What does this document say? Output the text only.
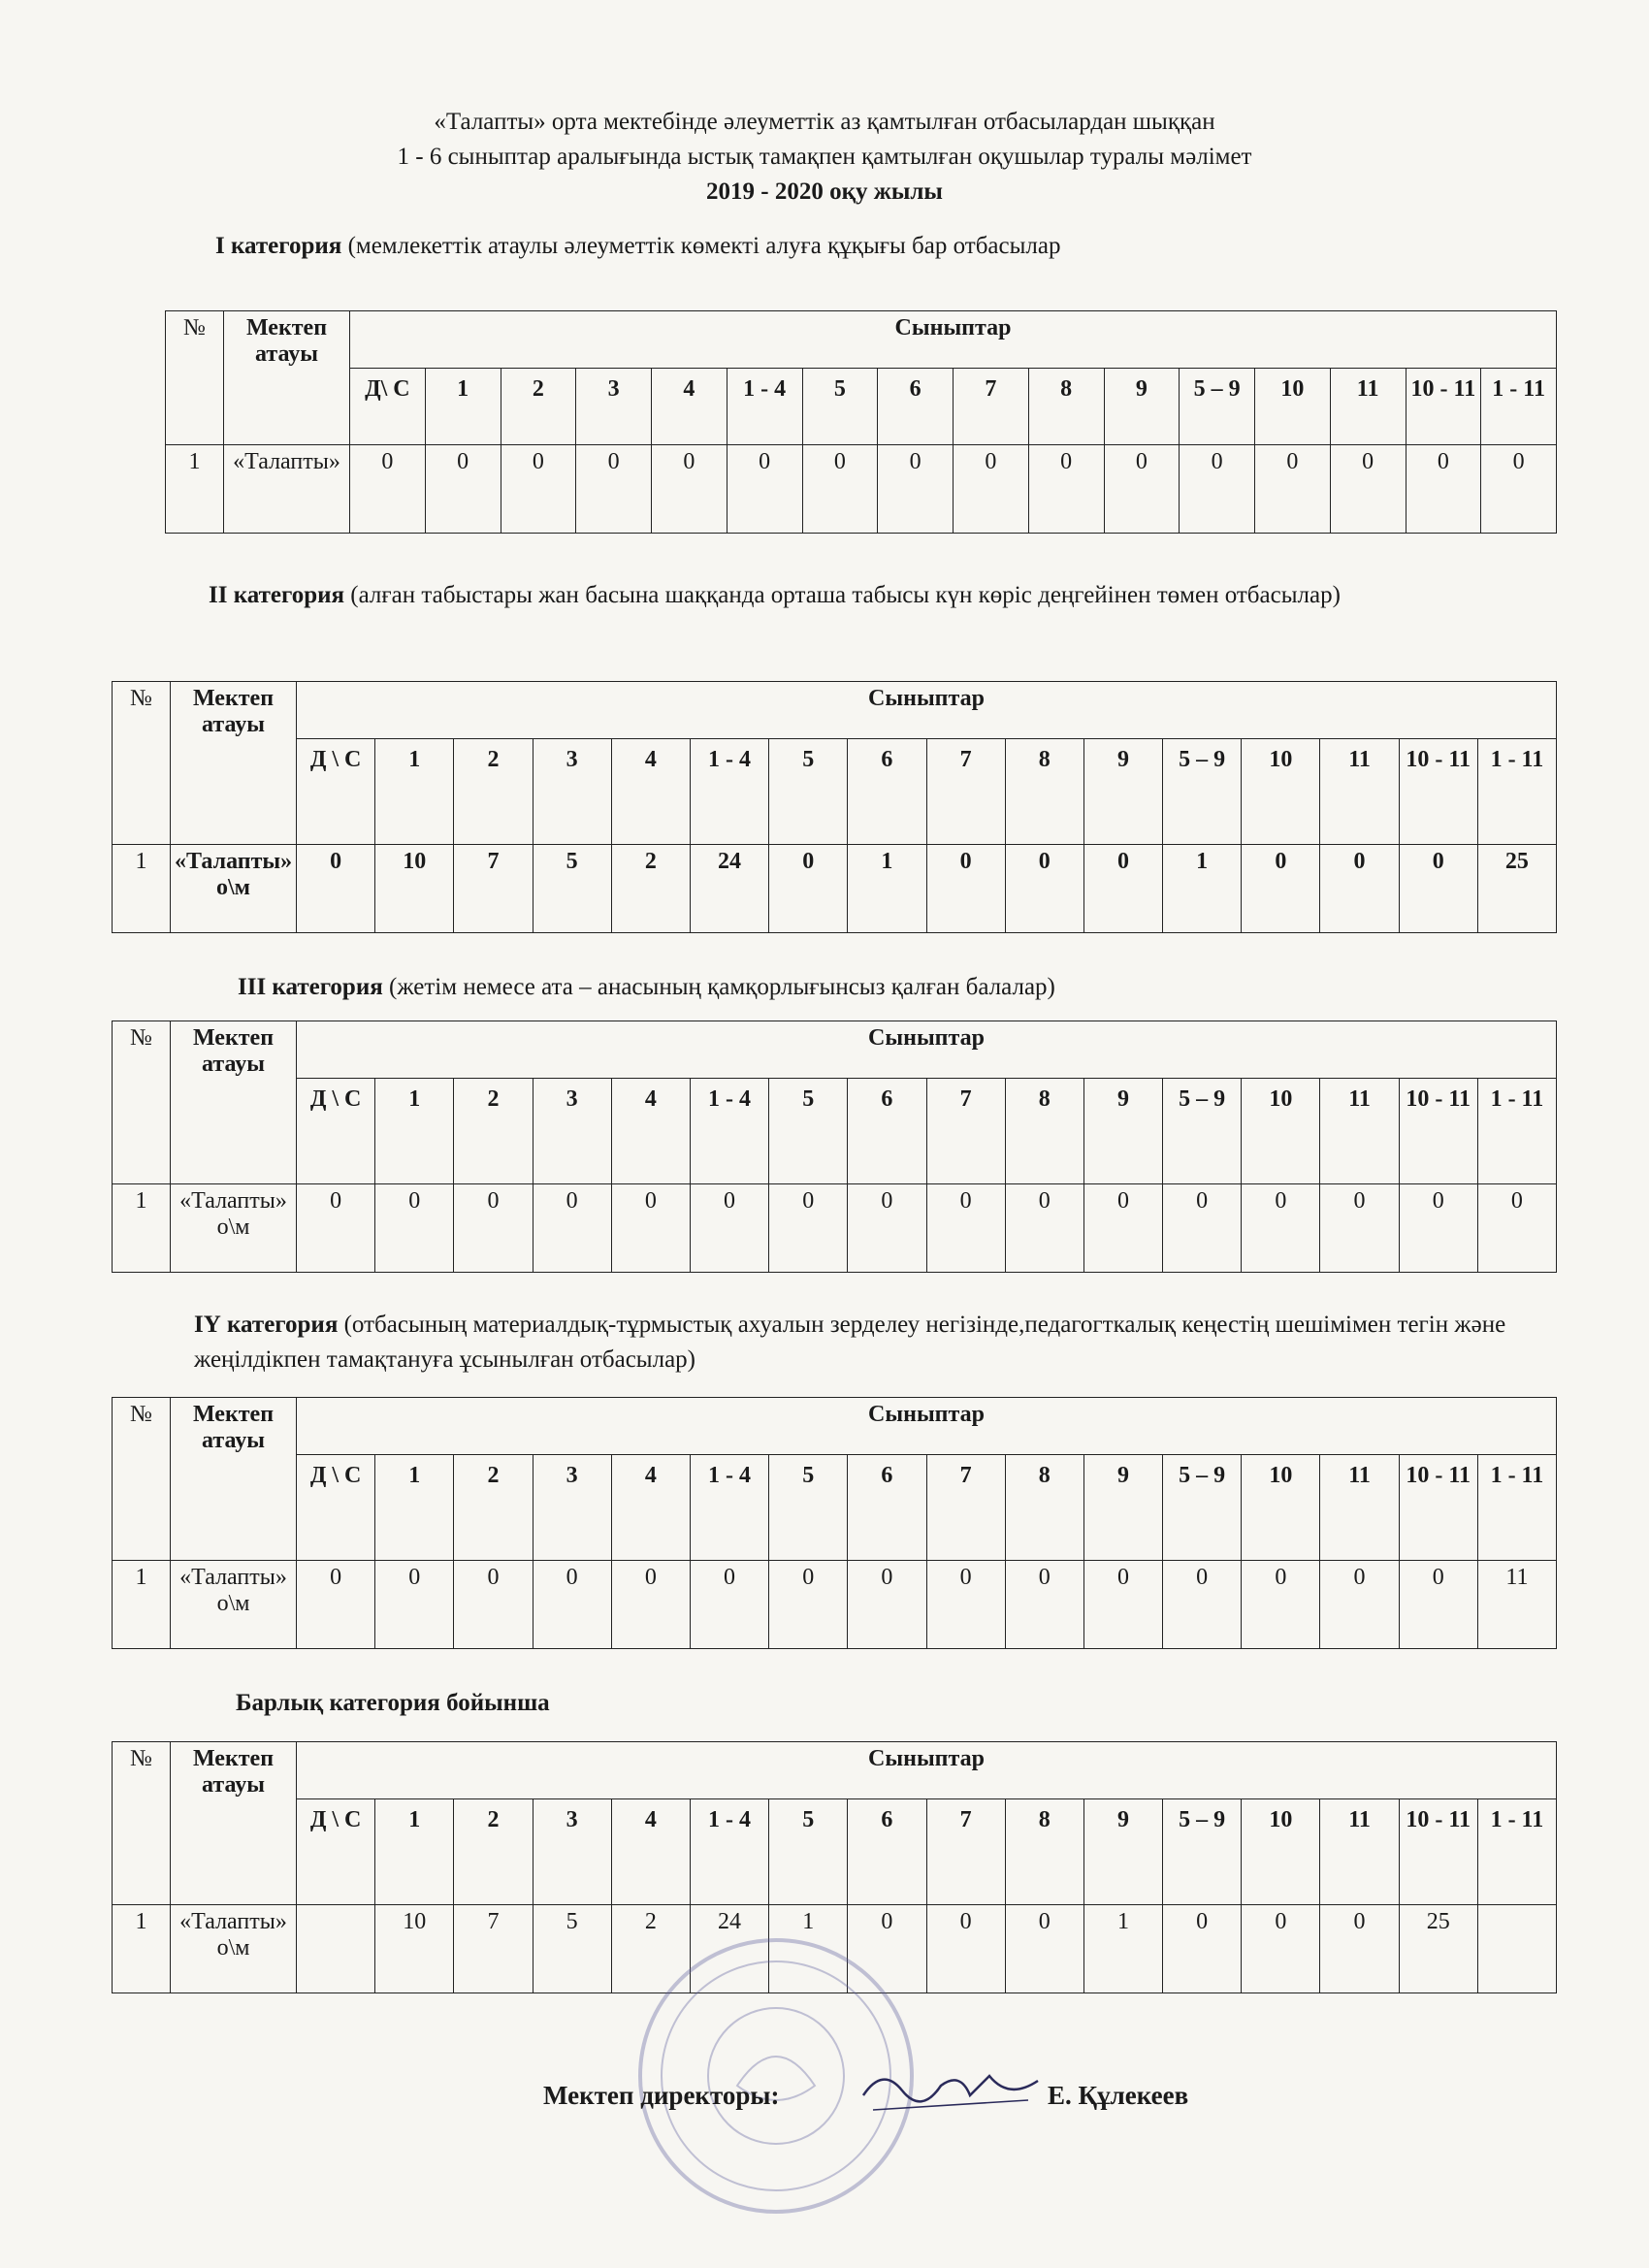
«Талапты» орта мектебінде әлеуметтік аз қамтылған отбасылардан шыққан
1 - 6 сыныптар аралығында ыстық тамақпен қамтылған оқушылар туралы мәлімет
2019 - 2020 оқу жылы
І категория (мемлекеттік атаулы әлеуметтік көмекті алуға құқығы бар отбасылар
№	Мектеп атауы	Сыныптар															
		Д\ С	1	2	3	4	1 - 4	5	6	7	8	9	5 – 9	10	11	10 - 11	1 - 11
1	«Талапты»	0	0	0	0	0	0	0	0	0	0	0	0	0	0	0	0
ІІ категория (алған табыстары жан басына шаққанда орташа табысы күн көріс деңгейінен төмен отбасылар)
№	Мектеп атауы	Сыныптар															
		Д \ С	1	2	3	4	1 - 4	5	6	7	8	9	5 – 9	10	11	10 - 11	1 - 11
1	«Талапты» о\м	0	10	7	5	2	24	0	1	0	0	0	1	0	0	0	25
ІІІ категория (жетім немесе ата – анасының қамқорлығынсыз қалған балалар)
№	Мектеп атауы	Сыныптар															
		Д \ С	1	2	3	4	1 - 4	5	6	7	8	9	5 – 9	10	11	10 - 11	1 - 11
1	«Талапты» о\м	0	0	0	0	0	0	0	0	0	0	0	0	0	0	0	0
ІҮ категория (отбасының материалдық-тұрмыстық ахуалын зерделеу негізінде,педагогткалық кеңестің шешімімен тегін және жеңілдікпен тамақтануға ұсынылған отбасылар)
№	Мектеп атауы	Сыныптар															
		Д \ С	1	2	3	4	1 - 4	5	6	7	8	9	5 – 9	10	11	10 - 11	1 - 11
1	«Талапты» о\м	0	0	0	0	0	0	0	0	0	0	0	0	0	0	0	11
Барлық категория бойынша
№	Мектеп атауы	Сыныптар															
		Д \ С	1	2	3	4	1 - 4	5	6	7	8	9	5 – 9	10	11	10 - 11	1 - 11
1	«Талапты» о\м		10	7	5	2	24	1	0	0	0	1	0	0	0	25	
Мектеп директоры:	Е. Құлекеев
